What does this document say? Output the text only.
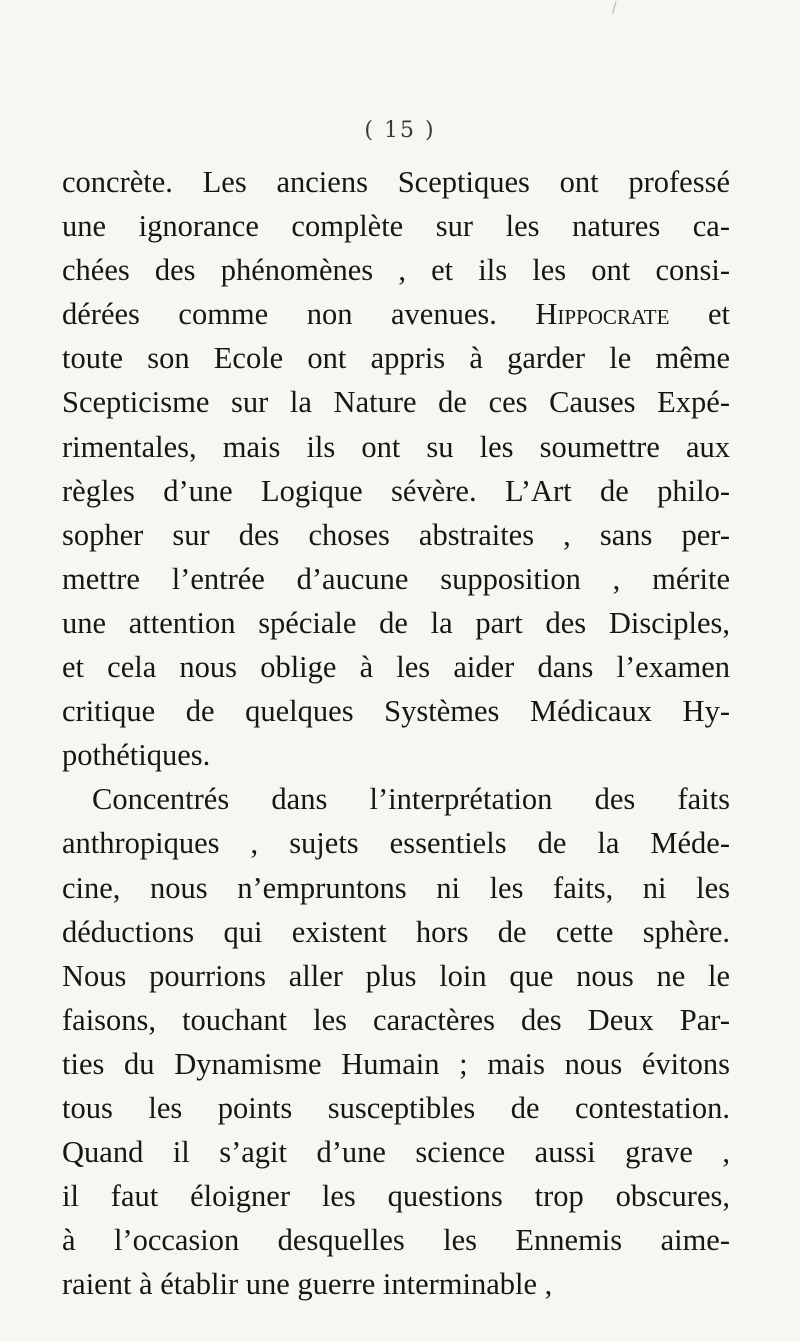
/
( 15 )
concrète. Les anciens Sceptiques ont professé
une ignorance complète sur les natures ca-
chées des phénomènes , et ils les ont consi-
dérées comme non avenues. Hippocrate et
toute son Ecole ont appris à garder le même
Scepticisme sur la Nature de ces Causes Expé-
rimentales, mais ils ont su les soumettre aux
règles d’une Logique sévère. L’Art de philo-
sopher sur des choses abstraites , sans per-
mettre l’entrée d’aucune supposition , mérite
une attention spéciale de la part des Disciples,
et cela nous oblige à les aider dans l’examen
critique de quelques Systèmes Médicaux Hy-
pothétiques.
Concentrés dans l’interprétation des faits
anthropiques , sujets essentiels de la Méde-
cine, nous n’empruntons ni les faits, ni les
déductions qui existent hors de cette sphère.
Nous pourrions aller plus loin que nous ne le
faisons, touchant les caractères des Deux Par-
ties du Dynamisme Humain ; mais nous évitons
tous les points susceptibles de contestation.
Quand il s’agit d’une science aussi grave ,
il faut éloigner les questions trop obscures,
à l’occasion desquelles les Ennemis aime-
raient à établir une guerre interminable ,
